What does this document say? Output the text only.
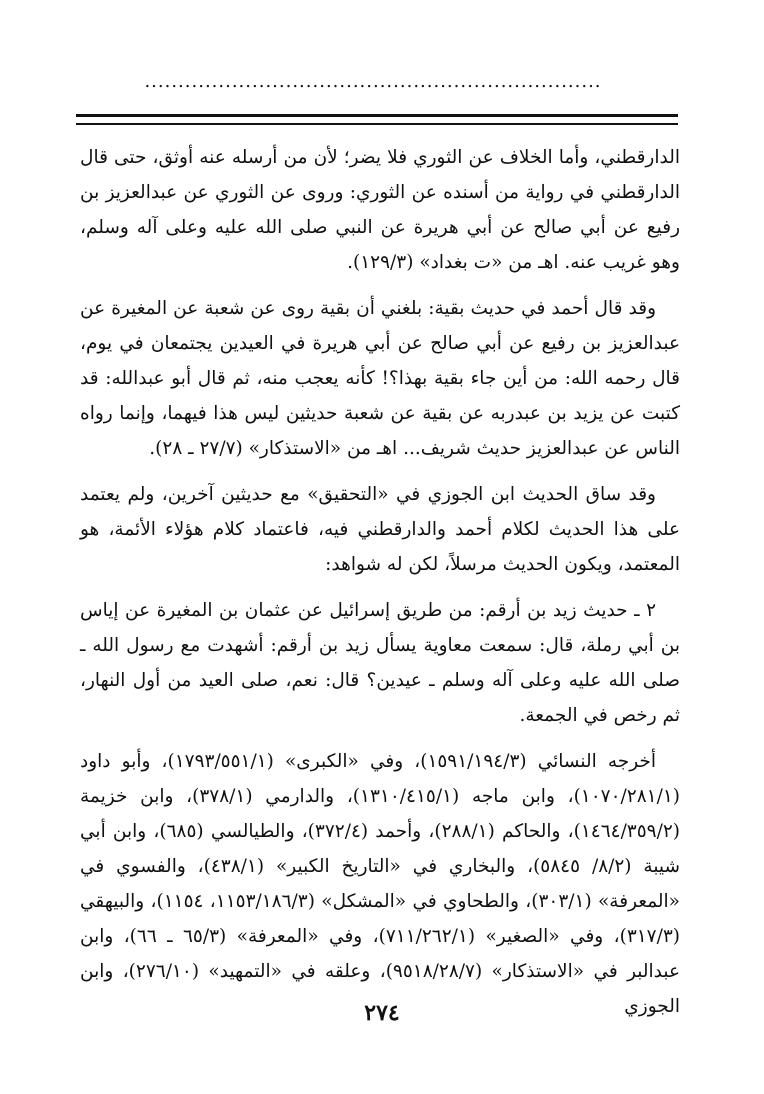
....................................................................

الدارقطني، وأما الخلاف عن الثوري فلا يضر؛ لأن من أرسله عنه أوثق، حتى قال الدارقطني في رواية من أسنده عن الثوري: وروى عن الثوري عن عبدالعزيز بن رفيع عن أبي صالح عن أبي هريرة عن النبي صلى الله عليه وعلى آله وسلم، وهو غريب عنه. اهـ من «ت بغداد» (١٢٩/٣).

وقد قال أحمد في حديث بقية: بلغني أن بقية روى عن شعبة عن المغيرة عن عبدالعزيز بن رفيع عن أبي صالح عن أبي هريرة في العيدين يجتمعان في يوم، قال رحمه الله: من أين جاء بقية بهذا؟! كأنه يعجب منه، ثم قال أبو عبدالله: قد كتبت عن يزيد بن عبدربه عن بقية عن شعبة حديثين ليس هذا فيهما، وإنما رواه الناس عن عبدالعزيز حديث شريف... اهـ من «الاستذكار» (٢٧/٧ ـ ٢٨).

وقد ساق الحديث ابن الجوزي في «التحقيق» مع حديثين آخرين، ولم يعتمد على هذا الحديث لكلام أحمد والدارقطني فيه، فاعتماد كلام هؤلاء الأئمة، هو المعتمد، ويكون الحديث مرسلاً، لكن له شواهد:

٢ ـ حديث زيد بن أرقم: من طريق إسرائيل عن عثمان بن المغيرة عن إياس بن أبي رملة، قال: سمعت معاوية يسأل زيد بن أرقم: أشهدت مع رسول الله ـ صلى الله عليه وعلى آله وسلم ـ عيدين؟ قال: نعم، صلى العيد من أول النهار، ثم رخص في الجمعة.

أخرجه النسائي (١٥٩١/١٩٤/٣)، وفي «الكبرى» (١٧٩٣/٥٥١/١)، وأبو داود (١٠٧٠/٢٨١/١)، وابن ماجه (١٣١٠/٤١٥/١)، والدارمي (٣٧٨/١)، وابن خزيمة (١٤٦٤/٣٥٩/٢)، والحاكم (٢٨٨/١)، وأحمد (٣٧٢/٤)، والطيالسي (٦٨٥)، وابن أبي شيبة (٨/٢/ ٥٨٤٥)، والبخاري في «التاريخ الكبير» (٤٣٨/١)، والفسوي في «المعرفة» (٣٠٣/١)، والطحاوي في «المشكل» (١١٥٣/١٨٦/٣، ١١٥٤)، والبيهقي (٣١٧/٣)، وفي «الصغير» (٧١١/٢٦٢/١)، وفي «المعرفة» (٦٥/٣ ـ ٦٦)، وابن عبدالبر في «الاستذكار» (٩٥١٨/٢٨/٧)، وعلقه في «التمهيد» (٢٧٦/١٠)، وابن الجوزي

٢٧٤
